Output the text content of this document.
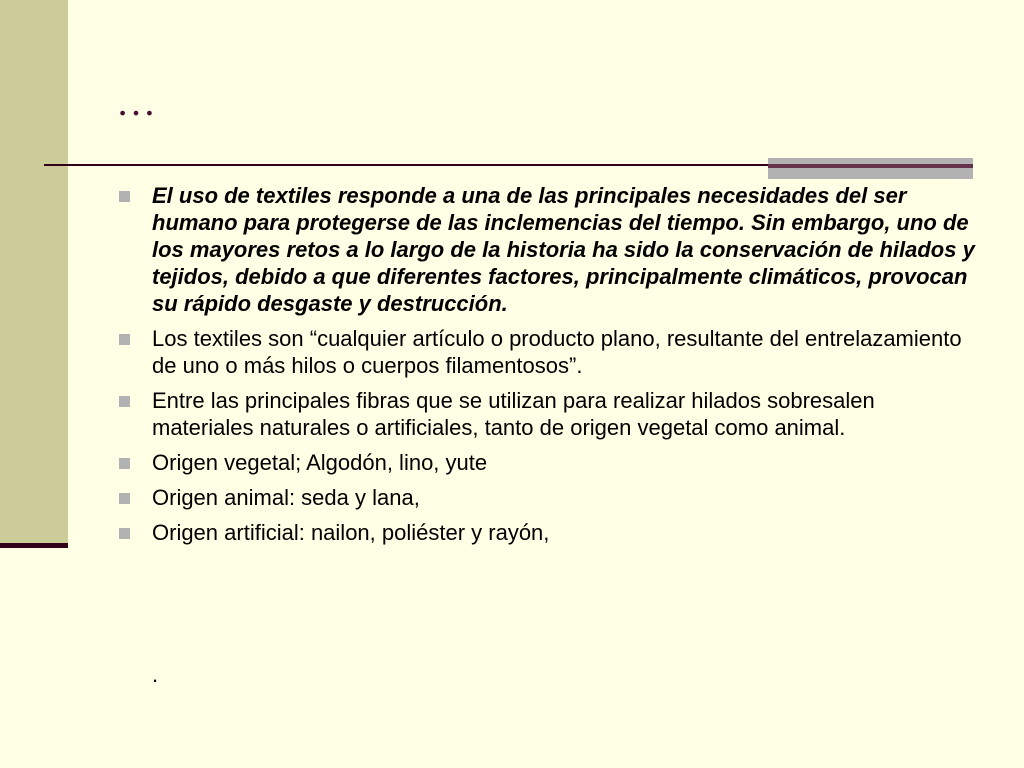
…
El uso de textiles responde a una de las principales necesidades del ser humano para protegerse de las inclemencias del tiempo. Sin embargo, uno de los mayores retos a lo largo de la historia ha sido la conservación de hilados y tejidos, debido a que diferentes factores, principalmente climáticos, provocan su rápido desgaste y destrucción.
Los textiles son “cualquier artículo o producto plano, resultante del entrelazamiento de uno o más hilos o cuerpos filamentosos”.
Entre las principales fibras que se utilizan para realizar hilados sobresalen materiales naturales o artificiales, tanto de origen vegetal como animal.
Origen vegetal; Algodón, lino, yute
Origen animal: seda y lana,
Origen artificial: nailon, poliéster y rayón,
.
